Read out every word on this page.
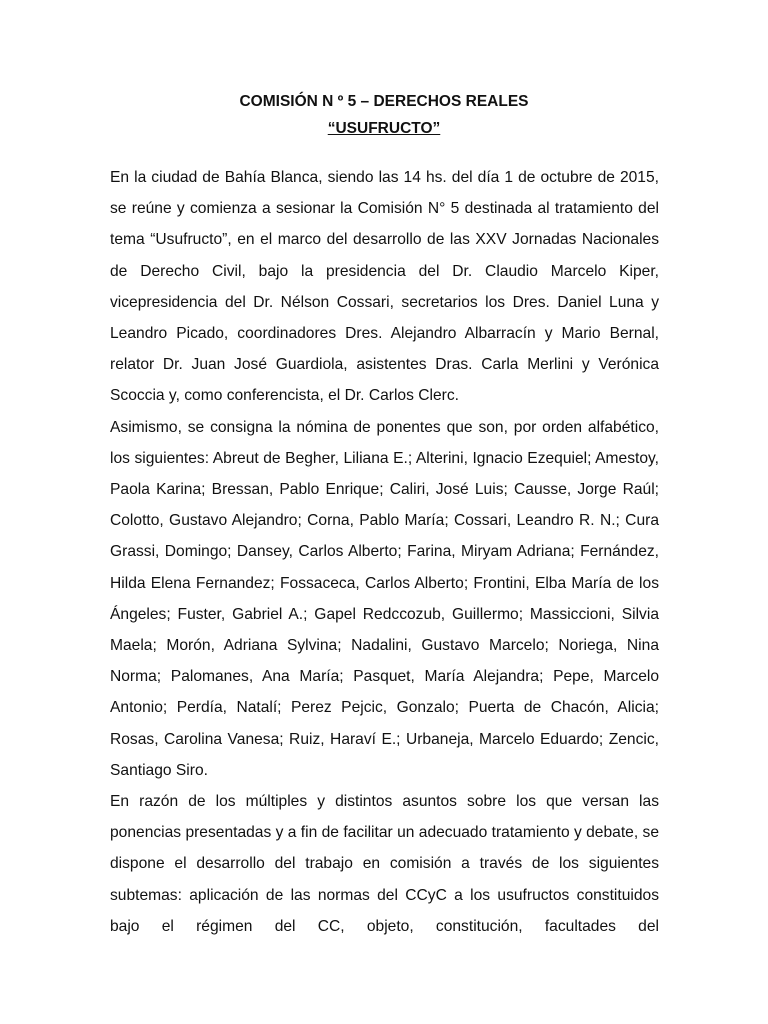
COMISIÓN N º 5 – DERECHOS REALES
“USUFRUCTO”

En la ciudad de Bahía Blanca, siendo las 14 hs. del día 1 de octubre de 2015, se reúne y comienza a sesionar la Comisión N° 5 destinada al tratamiento del tema “Usufructo”, en el marco del desarrollo de las XXV Jornadas Nacionales de Derecho Civil, bajo la presidencia del Dr. Claudio Marcelo Kiper, vicepresidencia del Dr. Nélson Cossari, secretarios los Dres. Daniel Luna y Leandro Picado, coordinadores Dres. Alejandro Albarracín y Mario Bernal, relator Dr. Juan José Guardiola, asistentes Dras. Carla Merlini y Verónica Scoccia y, como conferencista, el Dr. Carlos Clerc.

Asimismo, se consigna la nómina de ponentes que son, por orden alfabético, los siguientes: Abreut de Begher, Liliana E.; Alterini, Ignacio Ezequiel; Amestoy, Paola Karina; Bressan, Pablo Enrique; Caliri, José Luis; Causse, Jorge Raúl; Colotto, Gustavo Alejandro; Corna, Pablo María; Cossari, Leandro R. N.; Cura Grassi, Domingo; Dansey, Carlos Alberto; Farina, Miryam Adriana; Fernández, Hilda Elena Fernandez; Fossaceca, Carlos Alberto; Frontini, Elba María de los Ángeles; Fuster, Gabriel A.; Gapel Redccozub, Guillermo; Massiccioni, Silvia Maela; Morón, Adriana Sylvina; Nadalini, Gustavo Marcelo; Noriega, Nina Norma; Palomanes, Ana María; Pasquet, María Alejandra; Pepe, Marcelo Antonio; Perdía, Natalí; Perez Pejcic, Gonzalo; Puerta de Chacón, Alicia; Rosas, Carolina Vanesa; Ruiz, Haraví E.; Urbaneja, Marcelo Eduardo; Zencic, Santiago Siro.

En razón de los múltiples y distintos asuntos sobre los que versan las ponencias presentadas y a fin de facilitar un adecuado tratamiento y debate, se dispone el desarrollo del trabajo en comisión a través de los siguientes subtemas: aplicación de las normas del CCyC a los usufructos constituidos bajo el régimen del CC, objeto, constitución, facultades del
